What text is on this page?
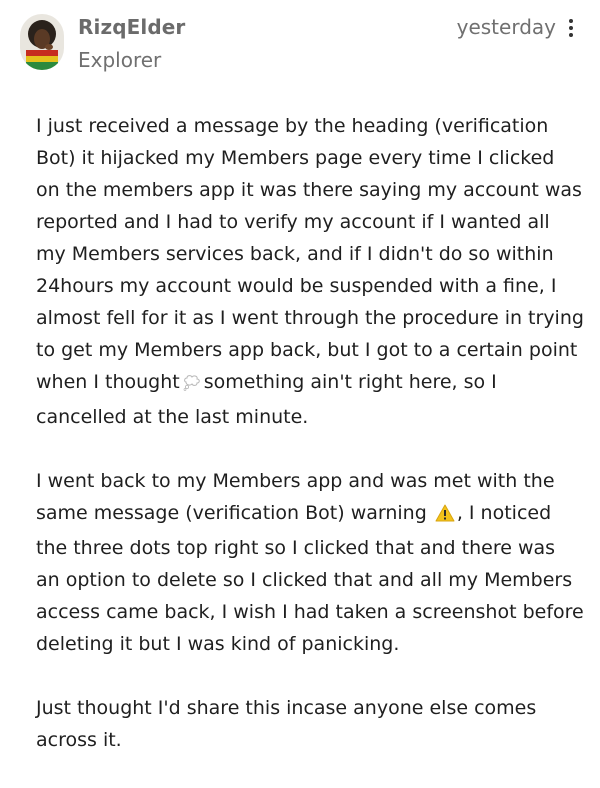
RizqElder
Explorer
yesterday

I just received a message by the heading (verification Bot) it hijacked my Members page every time I clicked on the members app it was there saying my account was reported and I had to verify my account if I wanted all my Members services back, and if I didn't do so within 24hours my account would be suspended with a fine, I almost fell for it as I went through the procedure in trying to get my Members app back, but I got to a certain point when I thought something ain't right here, so I cancelled at the last minute.

I went back to my Members app and was met with the same message (verification Bot) warning , I noticed the three dots top right so I clicked that and there was an option to delete so I clicked that and all my Members access came back, I wish I had taken a screenshot before deleting it but I was kind of panicking.

Just thought I'd share this incase anyone else comes across it.
